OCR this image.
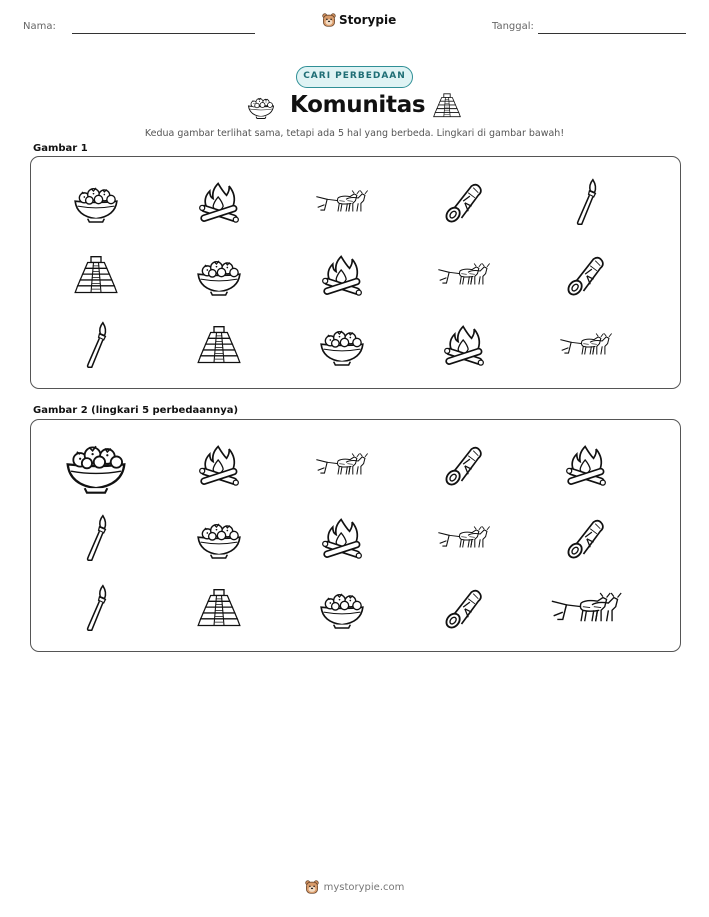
Nama:	Storypie	Tanggal:
CARI PERBEDAAN
Komunitas
Kedua gambar terlihat sama, tetapi ada 5 hal yang berbeda. Lingkari di gambar bawah!
Gambar 1
Gambar 2 (lingkari 5 perbedaannya)
mystorypie.com
